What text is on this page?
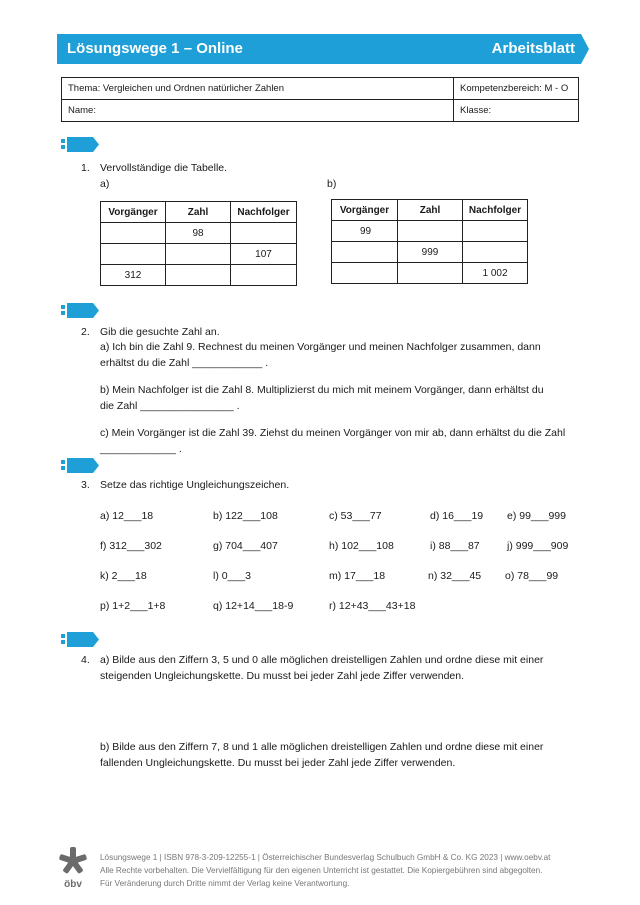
Lösungswege 1 – Online	Arbeitsblatt
Thema: Vergleichen und Ordnen natürlicher Zahlen	Kompetenzbereich: M - O
Name:	Klasse:
1. Vervollständige die Tabelle.
a)	b)
Vorgänger	Zahl	Nachfolger
	98	
		107
312		
Vorgänger	Zahl	Nachfolger
99		
	999	
		1 002
2. Gib die gesuchte Zahl an.
a) Ich bin die Zahl 9. Rechnest du meinen Vorgänger und meinen Nachfolger zusammen, dann
erhältst du die Zahl ____________ .
b) Mein Nachfolger ist die Zahl 8. Multiplizierst du mich mit meinem Vorgänger, dann erhältst du
die Zahl ________________ .
c) Mein Vorgänger ist die Zahl 39. Ziehst du meinen Vorgänger von mir ab, dann erhältst du die Zahl
_____________ .
3. Setze das richtige Ungleichungszeichen.
a) 12___18	b) 122___108	c) 53___77	d) 16___19 e) 99___999
f) 312___302	g) 704___407	h) 102___108	i) 88___87	j) 999___909
k) 2___18	l) 0___3	m) 17___18	n) 32___45 o) 78___99
p) 1+2___1+8	q) 12+14___18-9	r) 12+43___43+18
4. a) Bilde aus den Ziffern 3, 5 und 0 alle möglichen dreistelligen Zahlen und ordne diese mit einer
steigenden Ungleichungskette. Du musst bei jeder Zahl jede Ziffer verwenden.
b) Bilde aus den Ziffern 7, 8 und 1 alle möglichen dreistelligen Zahlen und ordne diese mit einer
fallenden Ungleichungskette. Du musst bei jeder Zahl jede Ziffer verwenden.
öbv
Lösungswege 1 | ISBN 978-3-209-12255-1 | Österreichischer Bundesverlag Schulbuch GmbH & Co. KG 2023 | www.oebv.at
Alle Rechte vorbehalten. Die Vervielfältigung für den eigenen Unterricht ist gestattet. Die Kopiergebühren sind abgegolten.
Für Veränderung durch Dritte nimmt der Verlag keine Verantwortung.
